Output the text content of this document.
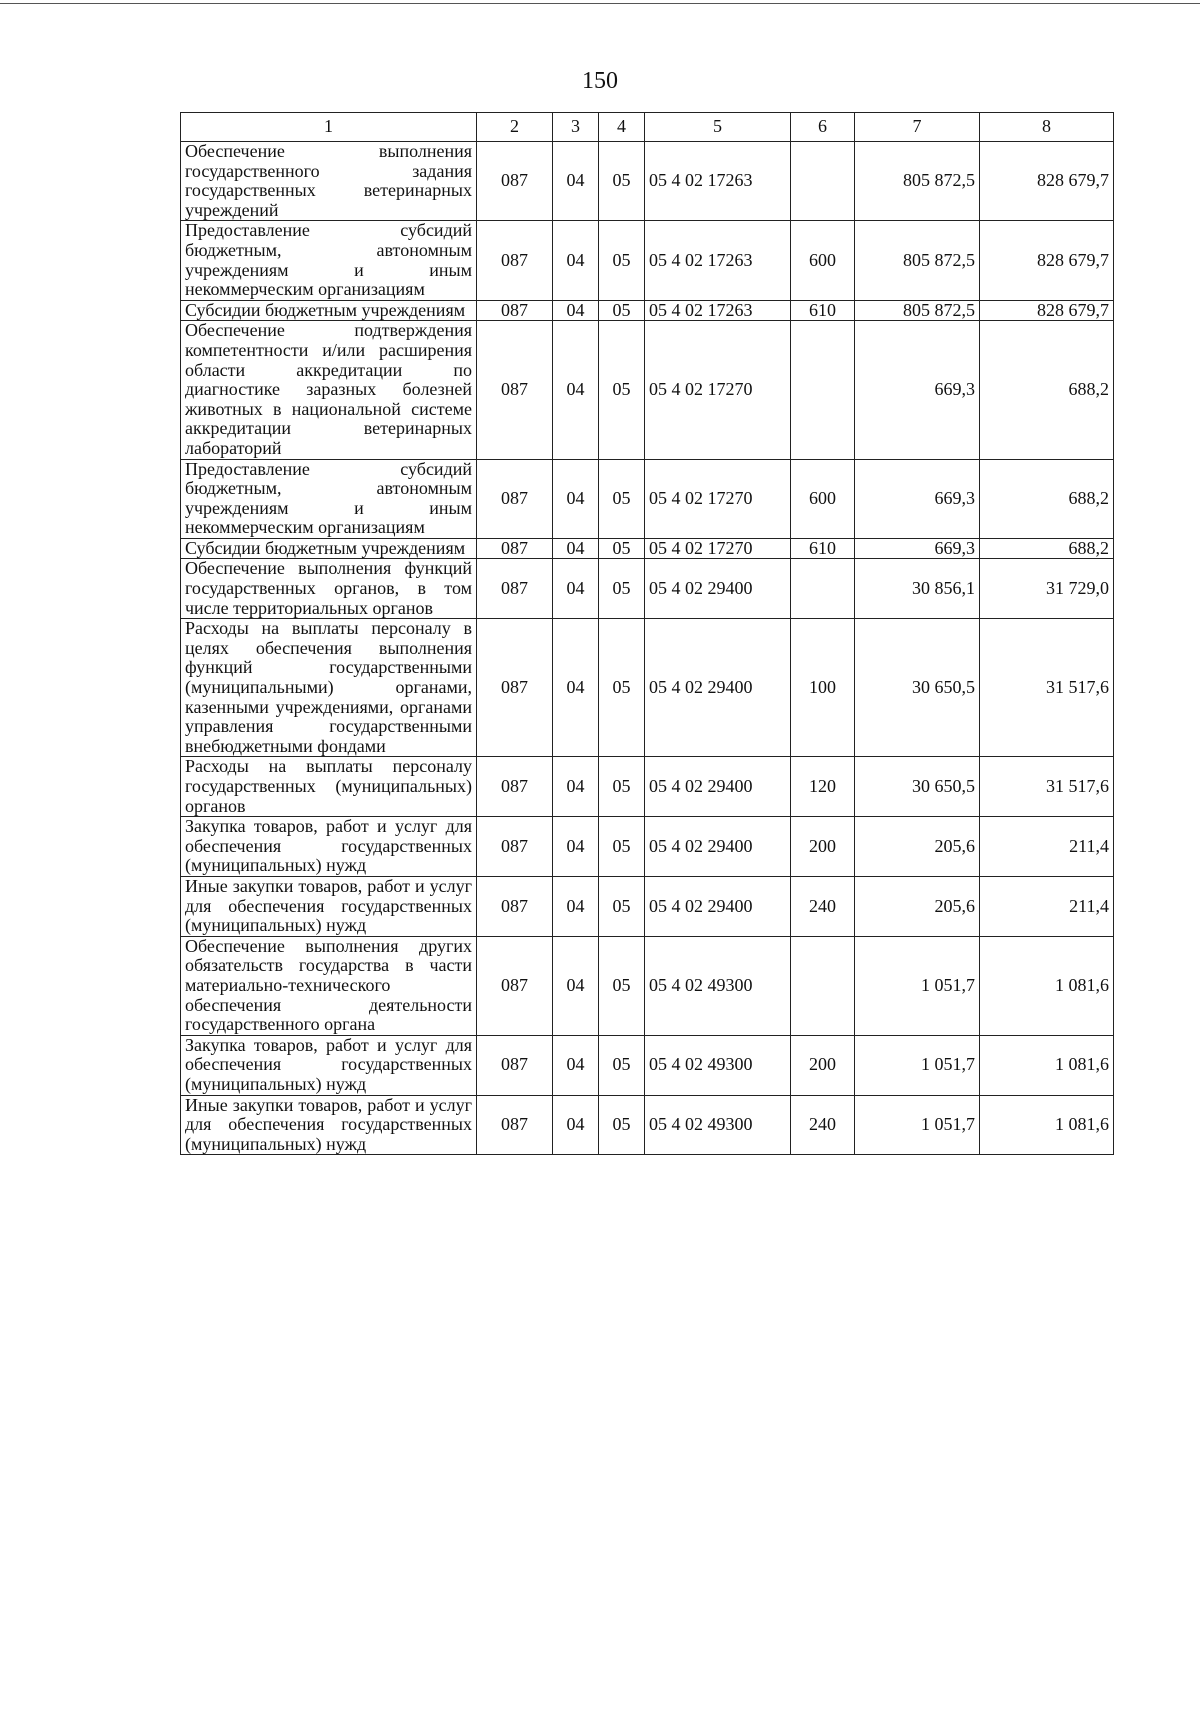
150
1	2	3	4	5	6	7	8
Обеспечение выполнения государственного задания государственных ветеринарных учреждений	087	04	05	05 4 02 17263		805 872,5	828 679,7
Предоставление субсидий бюджетным, автономным учреждениям и иным некоммерческим организациям	087	04	05	05 4 02 17263	600	805 872,5	828 679,7
Субсидии бюджетным учреждениям	087	04	05	05 4 02 17263	610	805 872,5	828 679,7
Обеспечение подтверждения компетентности и/или расширения области аккредитации по диагностике заразных болезней животных в национальной системе аккредитации ветеринарных лабораторий	087	04	05	05 4 02 17270		669,3	688,2
Предоставление субсидий бюджетным, автономным учреждениям и иным некоммерческим организациям	087	04	05	05 4 02 17270	600	669,3	688,2
Субсидии бюджетным учреждениям	087	04	05	05 4 02 17270	610	669,3	688,2
Обеспечение выполнения функций государственных органов, в том числе территориальных органов	087	04	05	05 4 02 29400		30 856,1	31 729,0
Расходы на выплаты персоналу в целях обеспечения выполнения функций государственными (муниципальными) органами, казенными учреждениями, органами управления государственными внебюджетными фондами	087	04	05	05 4 02 29400	100	30 650,5	31 517,6
Расходы на выплаты персоналу государственных (муниципальных) органов	087	04	05	05 4 02 29400	120	30 650,5	31 517,6
Закупка товаров, работ и услуг для обеспечения государственных (муниципальных) нужд	087	04	05	05 4 02 29400	200	205,6	211,4
Иные закупки товаров, работ и услуг для обеспечения государственных (муниципальных) нужд	087	04	05	05 4 02 29400	240	205,6	211,4
Обеспечение выполнения других обязательств государства в части материально-технического обеспечения деятельности государственного органа	087	04	05	05 4 02 49300		1 051,7	1 081,6
Закупка товаров, работ и услуг для обеспечения государственных (муниципальных) нужд	087	04	05	05 4 02 49300	200	1 051,7	1 081,6
Иные закупки товаров, работ и услуг для обеспечения государственных (муниципальных) нужд	087	04	05	05 4 02 49300	240	1 051,7	1 081,6
